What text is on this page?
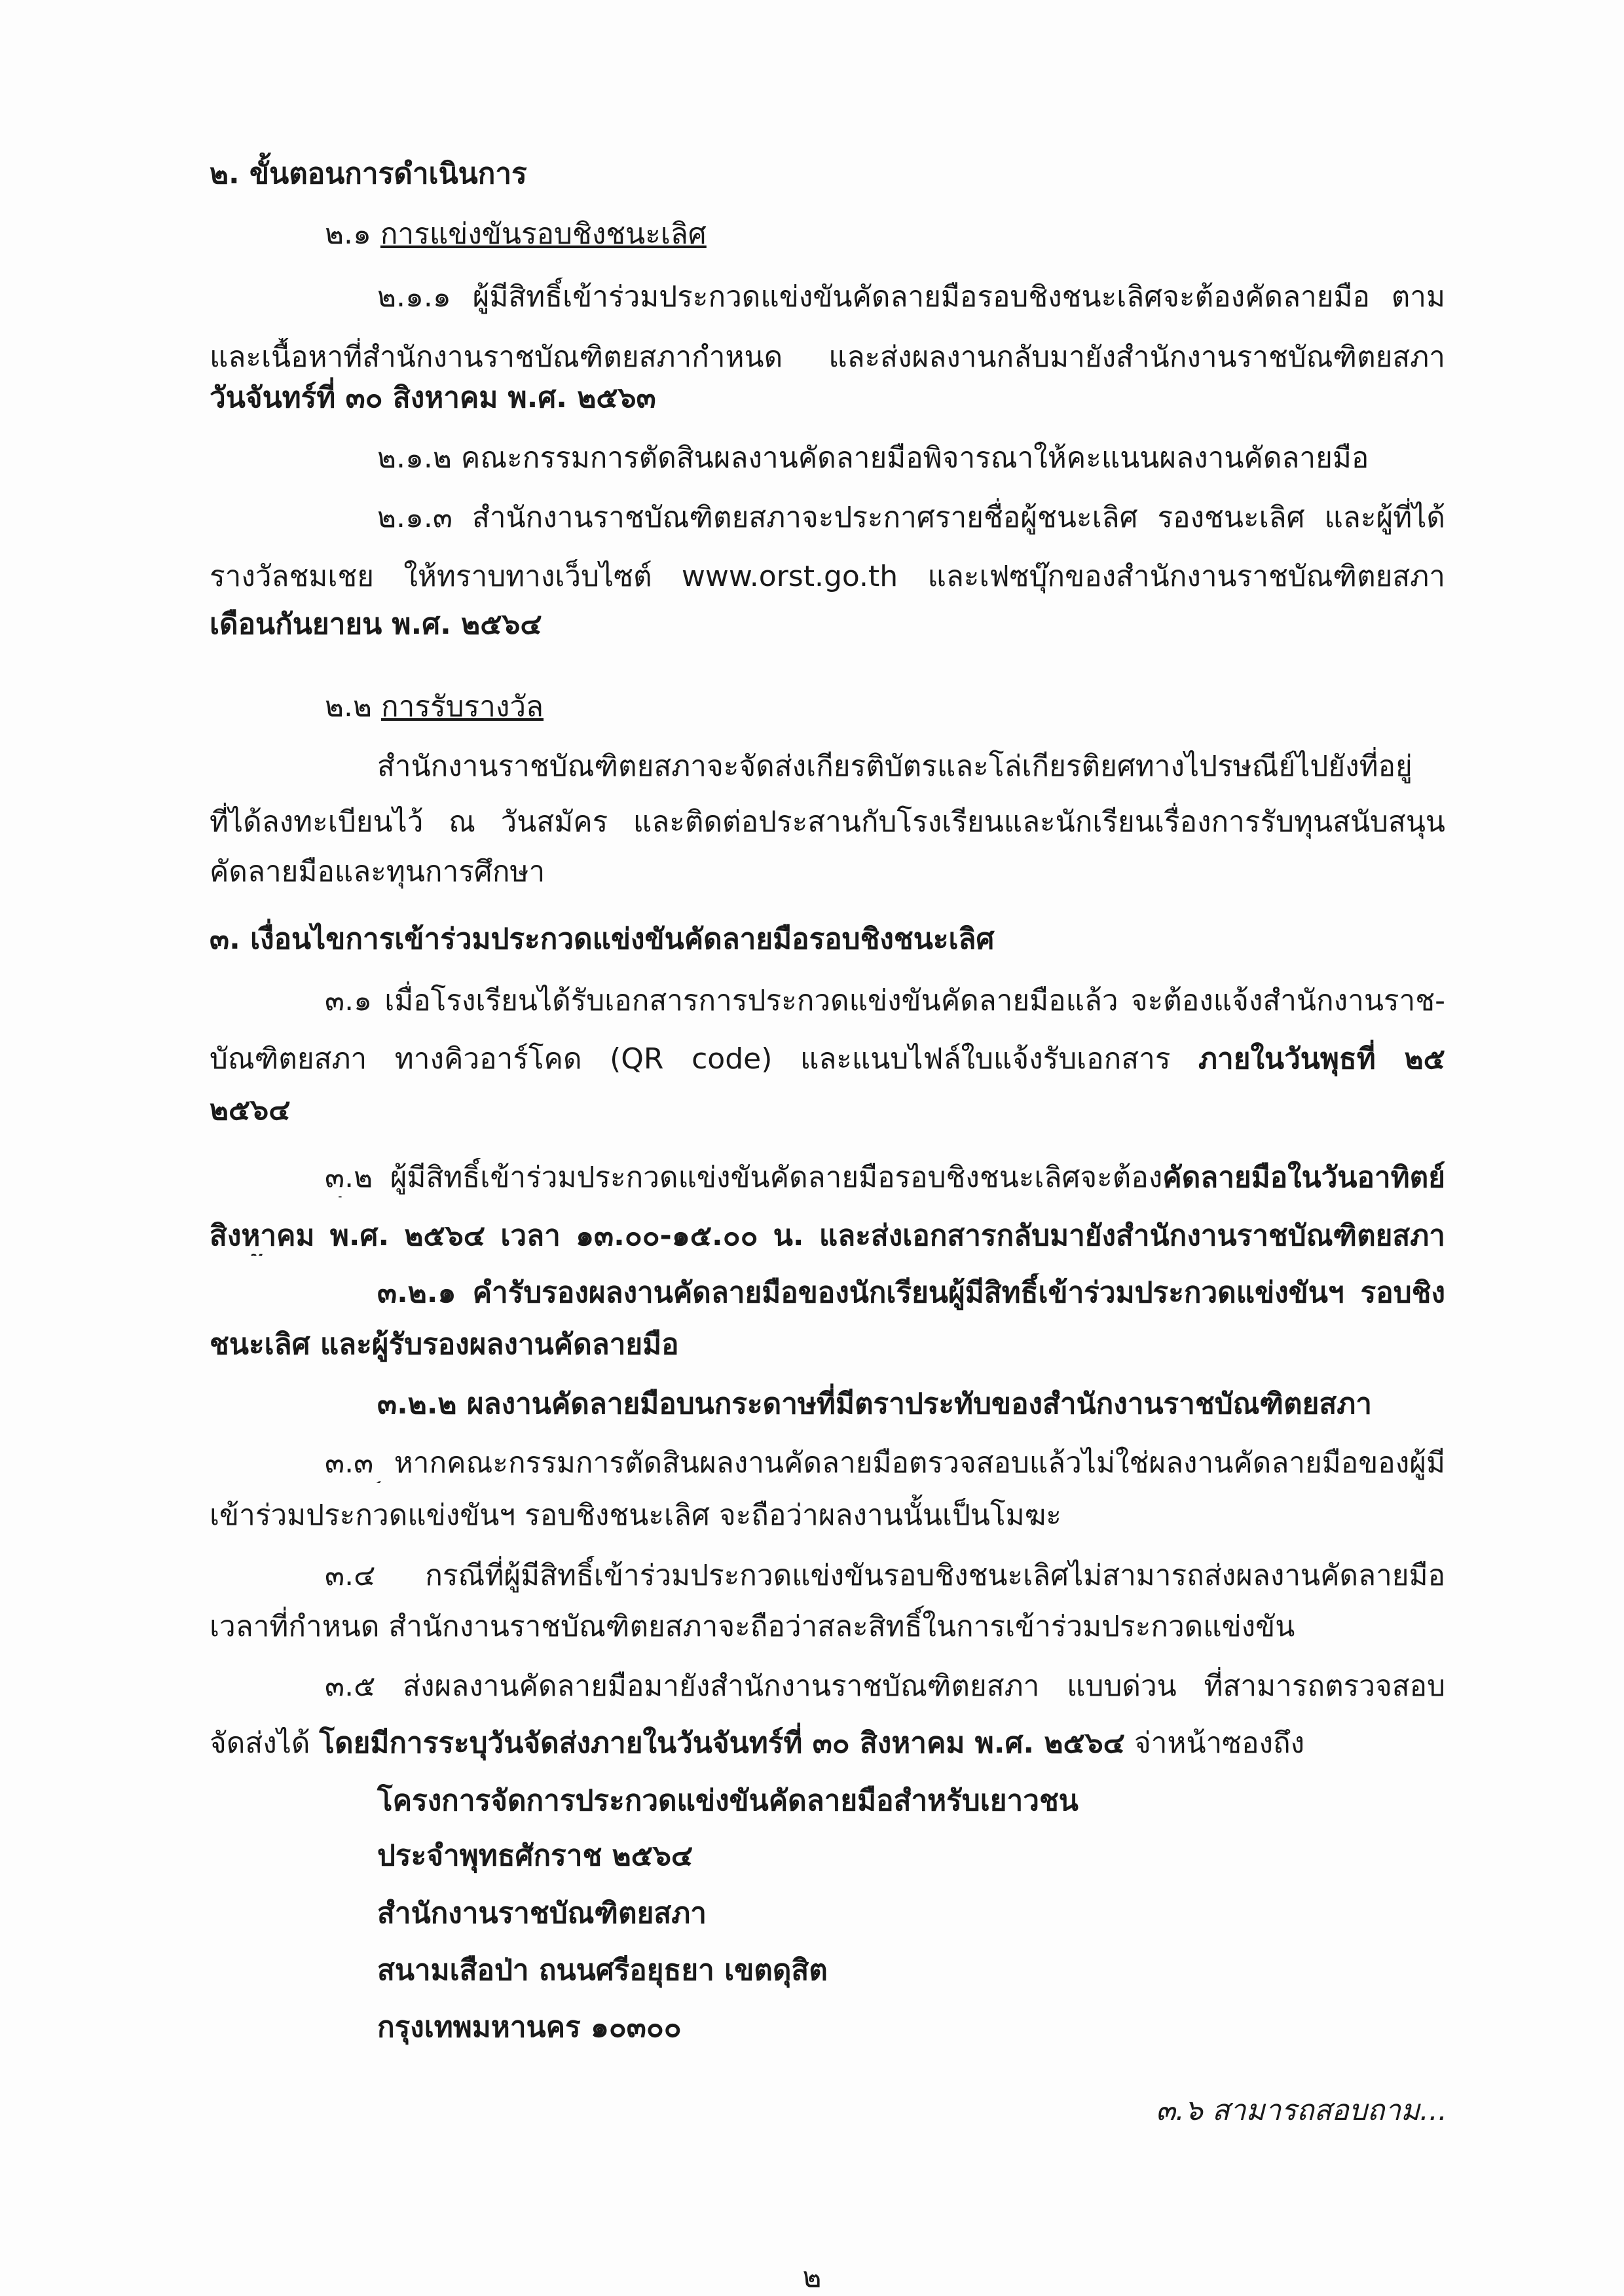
๒. ขั้นตอนการดำเนินการ
๒.๑ การแข่งขันรอบชิงชนะเลิศ
๒.๑.๑ ผู้มีสิทธิ์เข้าร่วมประกวดแข่งขันคัดลายมือรอบชิงชนะเลิศจะต้องคัดลายมือ ตาม
และเนื้อหาที่สำนักงานราชบัณฑิตยสภากำหนด และส่งผลงานกลับมายังสำนักงานราชบัณฑิตยสภา
วันจันทร์ที่ ๓๐ สิงหาคม พ.ศ. ๒๕๖๓
๒.๑.๒ คณะกรรมการตัดสินผลงานคัดลายมือพิจารณาให้คะแนนผลงานคัดลายมือ
๒.๑.๓ สำนักงานราชบัณฑิตยสภาจะประกาศรายชื่อผู้ชนะเลิศ รองชนะเลิศ และผู้ที่ได้
รางวัลชมเชย ให้ทราบทางเว็บไซต์ www.orst.go.th และเฟซบุ๊กของสำนักงานราชบัณฑิตยสภา
เดือนกันยายน พ.ศ. ๒๕๖๔
๒.๒ การรับรางวัล
สำนักงานราชบัณฑิตยสภาจะจัดส่งเกียรติบัตรและโล่เกียรติยศทางไปรษณีย์ไปยังที่อยู่
ที่ได้ลงทะเบียนไว้ ณ วันสมัคร และติดต่อประสานกับโรงเรียนและนักเรียนเรื่องการรับทุนสนับสนุน
คัดลายมือและทุนการศึกษา
๓. เงื่อนไขการเข้าร่วมประกวดแข่งขันคัดลายมือรอบชิงชนะเลิศ
๓.๑ เมื่อโรงเรียนได้รับเอกสารการประกวดแข่งขันคัดลายมือแล้ว จะต้องแจ้งสำนักงานราช-
บัณฑิตยสภา ทางคิวอาร์โคด (QR code) และแนบไฟล์ใบแจ้งรับเอกสาร ภายในวันพุธที่ ๒๕
๒๕๖๔
๓.๒ ผู้มีสิทธิ์เข้าร่วมประกวดแข่งขันคัดลายมือรอบชิงชนะเลิศจะต้องคัดลายมือในวันอาทิตย์
สิงหาคม พ.ศ. ๒๕๖๔ เวลา ๑๓.๐๐-๑๕.๐๐ น. และส่งเอกสารกลับมายังสำนักงานราชบัณฑิตยสภา
๓.๒.๑ คำรับรองผลงานคัดลายมือของนักเรียนผู้มีสิทธิ์เข้าร่วมประกวดแข่งขันฯ รอบชิง
ชนะเลิศ และผู้รับรองผลงานคัดลายมือ
๓.๒.๒ ผลงานคัดลายมือบนกระดาษที่มีตราประทับของสำนักงานราชบัณฑิตยสภา
๓.๓ หากคณะกรรมการตัดสินผลงานคัดลายมือตรวจสอบแล้วไม่ใช่ผลงานคัดลายมือของผู้มี
เข้าร่วมประกวดแข่งขันฯ รอบชิงชนะเลิศ จะถือว่าผลงานนั้นเป็นโมฆะ
๓.๔ กรณีที่ผู้มีสิทธิ์เข้าร่วมประกวดแข่งขันรอบชิงชนะเลิศไม่สามารถส่งผลงานคัดลายมือ
เวลาที่กำหนด สำนักงานราชบัณฑิตยสภาจะถือว่าสละสิทธิ์ในการเข้าร่วมประกวดแข่งขัน
๓.๕ ส่งผลงานคัดลายมือมายังสำนักงานราชบัณฑิตยสภา แบบด่วน ที่สามารถตรวจสอบ
จัดส่งได้ โดยมีการระบุวันจัดส่งภายในวันจันทร์ที่ ๓๐ สิงหาคม พ.ศ. ๒๕๖๔ จ่าหน้าซองถึง
โครงการจัดการประกวดแข่งขันคัดลายมือสำหรับเยาวชน
ประจำพุทธศักราช ๒๕๖๔
สำนักงานราชบัณฑิตยสภา
สนามเสือป่า ถนนศรีอยุธยา เขตดุสิต
กรุงเทพมหานคร ๑๐๓๐๐
๓.๖ สามารถสอบถาม...
๒
